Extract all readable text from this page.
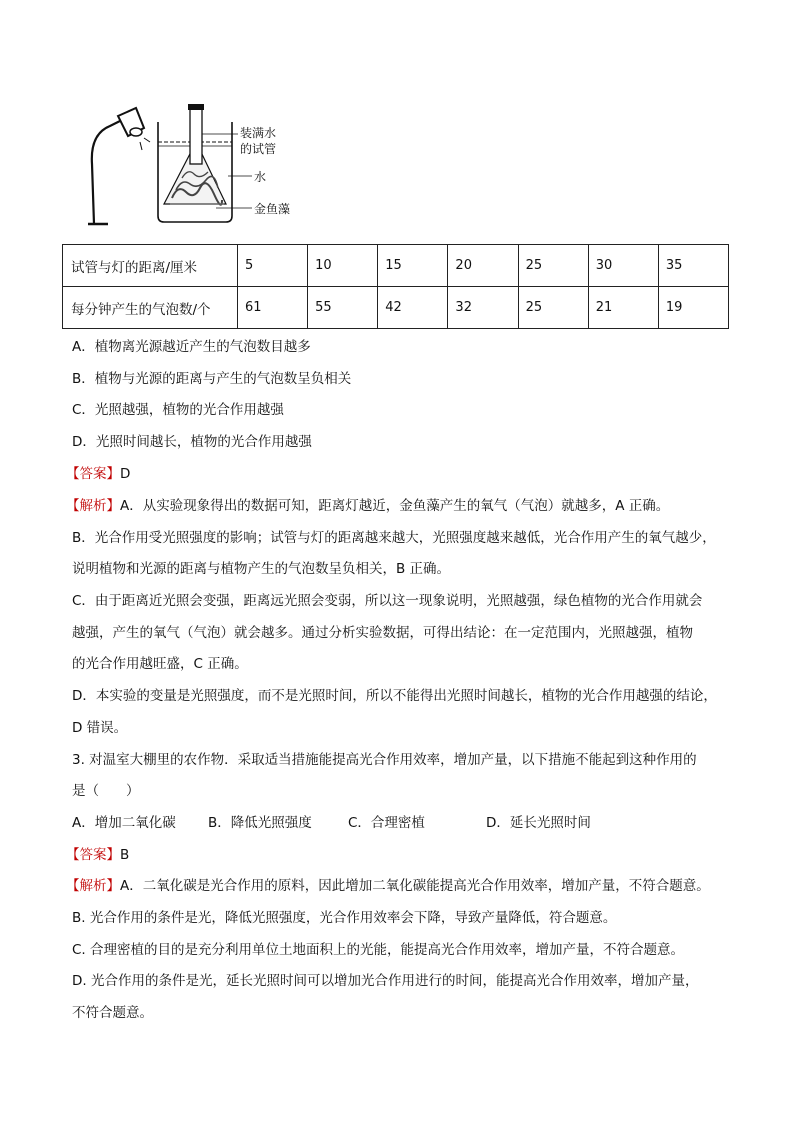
装满水
的试管
水
金鱼藻
试管与灯的距离/厘米	5	10	15	20	25	30	35
每分钟产生的气泡数/个	61	55	42	32	25	21	19
A．植物离光源越近产生的气泡数目越多
B．植物与光源的距离与产生的气泡数呈负相关
C．光照越强，植物的光合作用越强
D．光照时间越长，植物的光合作用越强
【答案】D
【解析】A．从实验现象得出的数据可知，距离灯越近，金鱼藻产生的氧气（气泡）就越多，A 正确。
B．光合作用受光照强度的影响；试管与灯的距离越来越大，光照强度越来越低，光合作用产生的氧气越少，
说明植物和光源的距离与植物产生的气泡数呈负相关，B 正确。
C．由于距离近光照会变强，距离远光照会变弱，所以这一现象说明，光照越强，绿色植物的光合作用就会
越强，产生的氧气（气泡）就会越多。通过分析实验数据，可得出结论：在一定范围内，光照越强，植物
的光合作用越旺盛，C 正确。
D．本实验的变量是光照强度，而不是光照时间，所以不能得出光照时间越长，植物的光合作用越强的结论，
D 错误。
3. 对温室大棚里的农作物．采取适当措施能提高光合作用效率，增加产量，以下措施不能起到这种作用的
是（　　）
A．增加二氧化碳 B．降低光照强度	C．合理密植	D．延长光照时间
【答案】B
【解析】A．二氧化碳是光合作用的原料，因此增加二氧化碳能提高光合作用效率，增加产量，不符合题意。
B. 光合作用的条件是光，降低光照强度，光合作用效率会下降，导致产量降低，符合题意。
C. 合理密植的目的是充分利用单位土地面积上的光能，能提高光合作用效率，增加产量，不符合题意。
D. 光合作用的条件是光，延长光照时间可以增加光合作用进行的时间，能提高光合作用效率，增加产量，
不符合题意。
